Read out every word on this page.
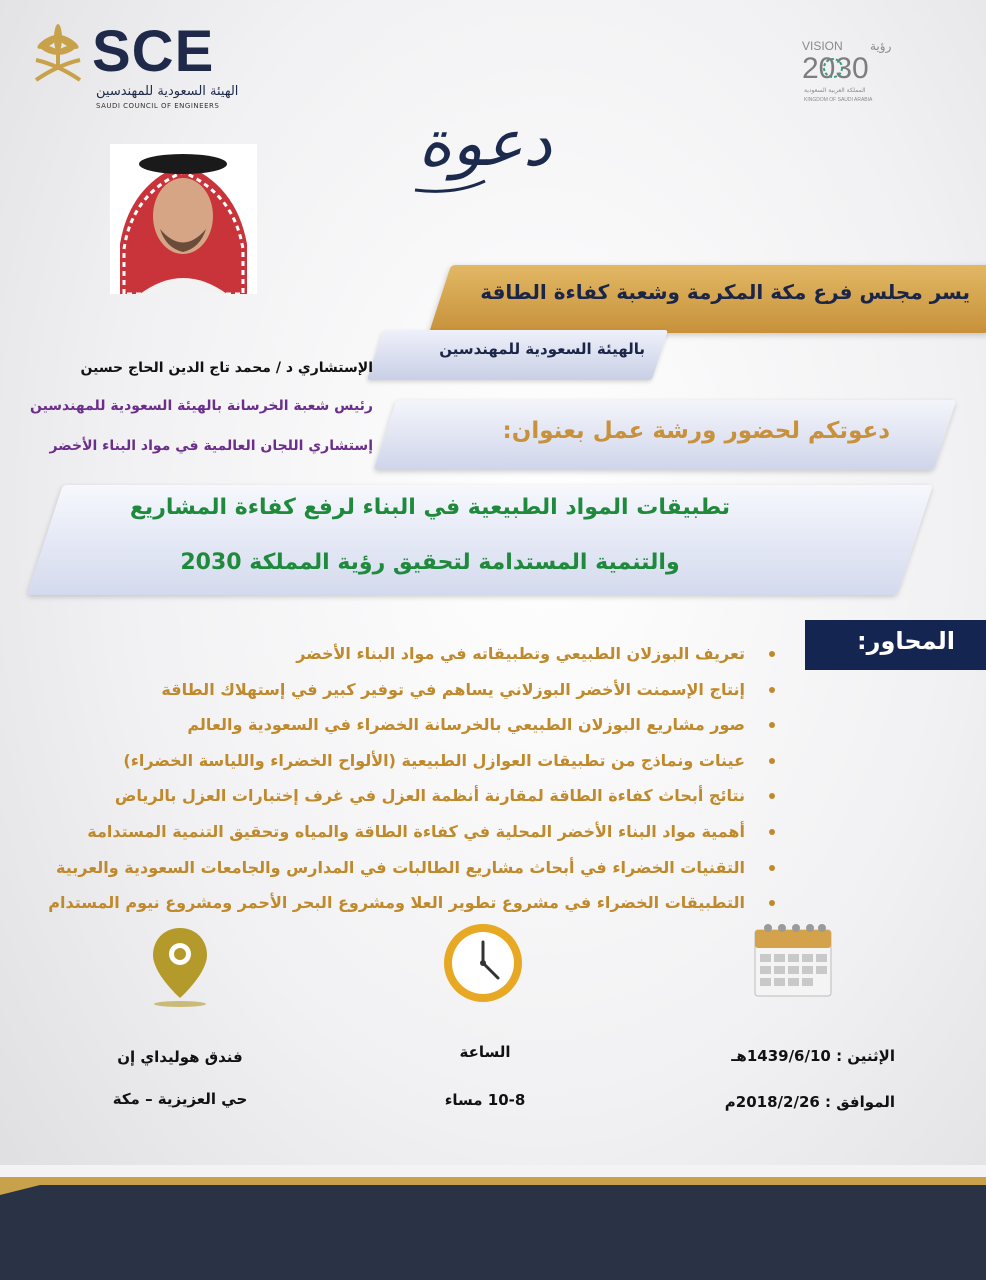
SCE
الهيئة السعودية للمهندسين
SAUDI COUNCIL OF ENGINEERS
VISION رؤية
2030
المملكة العربية السعودية
KINGDOM OF SAUDI ARABIA
دعوة
يسر مجلس فرع مكة المكرمة وشعبة كفاءة الطاقة
بالهيئة السعودية للمهندسين
الإستشاري د / محمد تاج الدين الحاج حسين
رئيس شعبة الخرسانة بالهيئة السعودية للمهندسين
إستشاري اللجان العالمية في مواد البناء الأخضر
دعوتكم لحضور ورشة عمل بعنوان:
تطبيقات المواد الطبيعية في البناء لرفع كفاءة المشاريع
والتنمية المستدامة لتحقيق رؤية المملكة 2030
المحاور:
تعريف البوزلان الطبيعي وتطبيقاته في مواد البناء الأخضر
إنتاج الإسمنت الأخضر البوزلاني يساهم في توفير كبير في إستهلاك الطاقة
صور مشاريع البوزلان الطبيعي بالخرسانة الخضراء في السعودية والعالم
عينات ونماذج من تطبيقات العوازل الطبيعية (الألواح الخضراء واللياسة الخضراء)
نتائج أبحاث كفاءة الطاقة لمقارنة أنظمة العزل في غرف إختبارات العزل بالرياض
أهمية مواد البناء الأخضر المحلية في كفاءة الطاقة والمياه وتحقيق التنمية المستدامة
التقنيات الخضراء في أبحاث مشاريع الطالبات في المدارس والجامعات السعودية والعربية
التطبيقات الخضراء في مشروع تطوير العلا ومشروع البحر الأحمر ومشروع نيوم المستدام
الإثنين : 1439/6/10هـ
الموافق : 2018/2/26م
الساعة
10-8 مساء
فندق هوليداي إن
حي العزيزية – مكة
